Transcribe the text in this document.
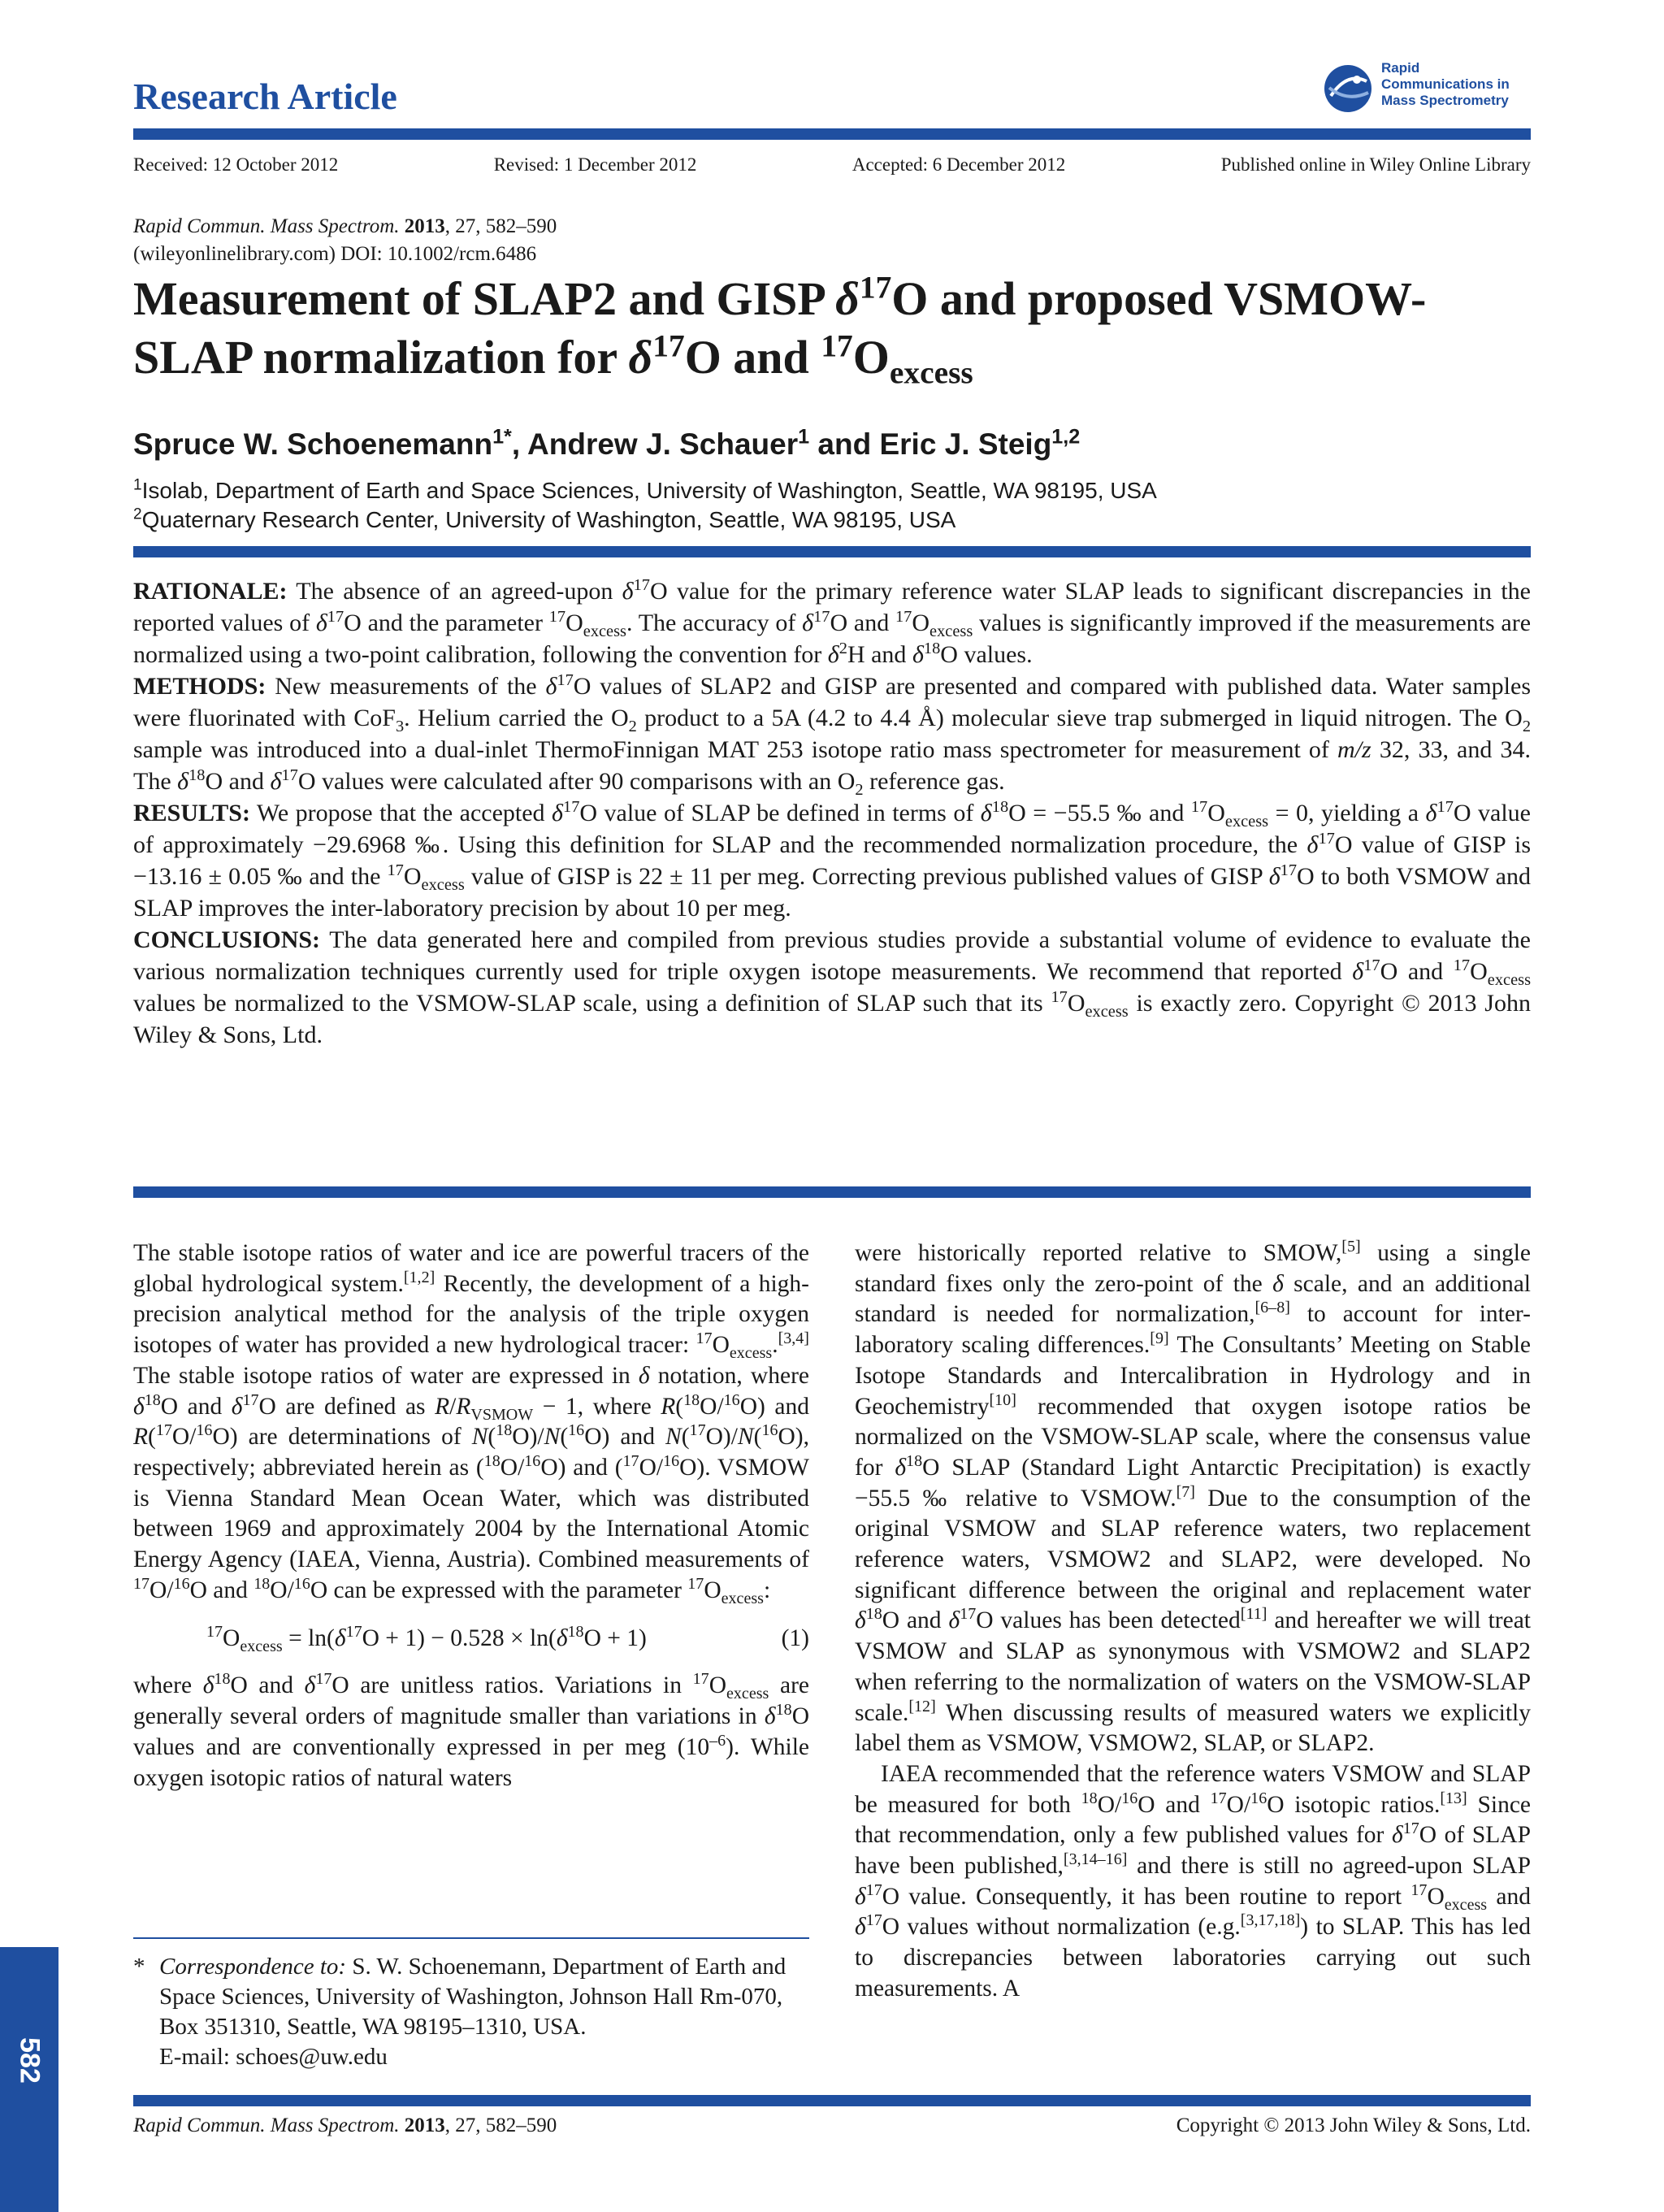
Research Article
Rapid
Communications in
Mass Spectrometry
Received: 12 October 2012	Revised: 1 December 2012	Accepted: 6 December 2012	Published online in Wiley Online Library
Rapid Commun. Mass Spectrom. 2013, 27, 582–590
(wileyonlinelibrary.com) DOI: 10.1002/rcm.6486
Measurement of SLAP2 and GISP $\delta^{17}O$ and proposed VSMOW-SLAP normalization for $\delta^{17}O$ and $^{17}O_{excess}$
Spruce W. Schoenemann$^{1*}$, Andrew J. Schauer$^1$ and Eric J. Steig$^{1,2}$
$^1$Isolab, Department of Earth and Space Sciences, University of Washington, Seattle, WA 98195, USA
$^2$Quaternary Research Center, University of Washington, Seattle, WA 98195, USA

RATIONALE: The absence of an agreed-upon $\delta^{17}O$ value for the primary reference water SLAP leads to significant discrepancies in the reported values of $\delta^{17}O$ and the parameter $^{17}O_{excess}$. The accuracy of $\delta^{17}O$ and $^{17}O_{excess}$ values is significantly improved if the measurements are normalized using a two-point calibration, following the convention for $\delta^2H$ and $\delta^{18}O$ values.

METHODS: New measurements of the $\delta^{17}O$ values of SLAP2 and GISP are presented and compared with published data. Water samples were fluorinated with CoF$_3$. Helium carried the $O_2$ product to a 5A (4.2 to 4.4 Å) molecular sieve trap submerged in liquid nitrogen. The $O_2$ sample was introduced into a dual-inlet ThermoFinnigan MAT 253 isotope ratio mass spectrometer for measurement of m/z 32, 33, and 34. The $\delta^{18}O$ and $\delta^{17}O$ values were calculated after 90 comparisons with an $O_2$ reference gas.

RESULTS: We propose that the accepted $\delta^{17}O$ value of SLAP be defined in terms of $\delta^{18}O = -55.5$ ‰ and $^{17}O_{excess} = 0$, yielding a $\delta^{17}O$ value of approximately −29.6968 ‰. Using this definition for SLAP and the recommended normalization procedure, the $\delta^{17}O$ value of GISP is −13.16 ± 0.05 ‰ and the $^{17}O_{excess}$ value of GISP is 22 ± 11 per meg. Correcting previous published values of GISP $\delta^{17}O$ to both VSMOW and SLAP improves the inter-laboratory precision by about 10 per meg.

CONCLUSIONS: The data generated here and compiled from previous studies provide a substantial volume of evidence to evaluate the various normalization techniques currently used for triple oxygen isotope measurements. We recommend that reported $\delta^{17}O$ and $^{17}O_{excess}$ values be normalized to the VSMOW-SLAP scale, using a definition of SLAP such that its $^{17}O_{excess}$ is exactly zero. Copyright © 2013 John Wiley & Sons, Ltd.

The stable isotope ratios of water and ice are powerful tracers of the global hydrological system.[1,2] Recently, the development of a high-precision analytical method for the analysis of the triple oxygen isotopes of water has provided a new hydrological tracer: $^{17}O_{excess}.[3,4]$ The stable isotope ratios of water are expressed in δ notation, where $\delta^{18}O$ and $\delta^{17}O$ are defined as $R/R_{VSMOW} - 1$, where R($^{18}$O/$^{16}$O) and R($^{17}$O/$^{16}$O) are determinations of N($^{18}$O)/N($^{16}$O) and N($^{17}$O)/N($^{16}$O), respectively; abbreviated herein as ($^{18}$O/$^{16}$O) and ($^{17}$O/$^{16}$O). VSMOW is Vienna Standard Mean Ocean Water, which was distributed between 1969 and approximately 2004 by the International Atomic Energy Agency (IAEA, Vienna, Austria). Combined measurements of $^{17}$O/$^{16}$O and $^{18}$O/$^{16}$O can be expressed with the parameter $^{17}O_{excess}$:

$^{17}O_{excess} = \ln(\delta^{17}O + 1) - 0.528 \times \ln(\delta^{18}O + 1)$	(1)

where $\delta^{18}O$ and $\delta^{17}O$ are unitless ratios. Variations in $^{17}O_{excess}$ are generally several orders of magnitude smaller than variations in $\delta^{18}O$ values and are conventionally expressed in per meg $(10^{-6})$. While oxygen isotopic ratios of natural waters

were historically reported relative to SMOW,[5] using a single standard fixes only the zero-point of the δ scale, and an additional standard is needed for normalization,[6–8] to account for inter-laboratory scaling differences.[9] The Consultants’ Meeting on Stable Isotope Standards and Intercalibration in Hydrology and in Geochemistry[10] recommended that oxygen isotope ratios be normalized on the VSMOW-SLAP scale, where the consensus value for $\delta^{18}O$ SLAP (Standard Light Antarctic Precipitation) is exactly −55.5 ‰ relative to VSMOW.[7] Due to the consumption of the original VSMOW and SLAP reference waters, two replacement reference waters, VSMOW2 and SLAP2, were developed. No significant difference between the original and replacement water $\delta^{18}O$ and $\delta^{17}O$ values has been detected[11] and hereafter we will treat VSMOW and SLAP as synonymous with VSMOW2 and SLAP2 when referring to the normalization of waters on the VSMOW-SLAP scale.[12] When discussing results of measured waters we explicitly label them as VSMOW, VSMOW2, SLAP, or SLAP2.

IAEA recommended that the reference waters VSMOW and SLAP be measured for both $^{18}$O/$^{16}$O and $^{17}$O/$^{16}$O isotopic ratios.[13] Since that recommendation, only a few published values for $\delta^{17}O$ of SLAP have been published,[3,14–16] and there is still no agreed-upon SLAP $\delta^{17}O$ value. Consequently, it has been routine to report $^{17}O_{excess}$ and $\delta^{17}O$ values without normalization (e.g.[3,17,18]) to SLAP. This has led to discrepancies between laboratories carrying out such measurements. A

* Correspondence to: S. W. Schoenemann, Department of Earth and Space Sciences, University of Washington, Johnson Hall Rm-070, Box 351310, Seattle, WA 98195–1310, USA.
E-mail: schoes@uw.edu
582
Rapid Commun. Mass Spectrom. 2013, 27, 582–590	Copyright © 2013 John Wiley & Sons, Ltd.
